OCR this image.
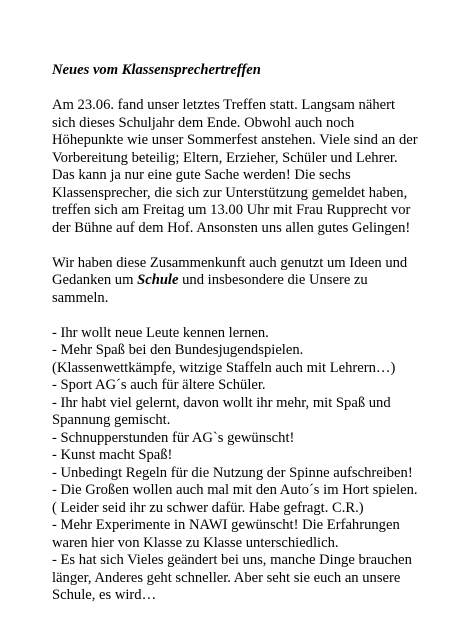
Neues vom Klassensprechertreffen
Am 23.06. fand unser letztes Treffen statt. Langsam nähert
sich dieses Schuljahr dem Ende. Obwohl auch noch
Höhepunkte wie unser Sommerfest anstehen. Viele sind an der
Vorbereitung beteilig; Eltern, Erzieher, Schüler und Lehrer.
Das kann ja nur eine gute Sache werden! Die sechs
Klassensprecher, die sich zur Unterstützung gemeldet haben,
treffen sich am Freitag um 13.00 Uhr mit Frau Rupprecht vor
der Bühne auf dem Hof. Ansonsten uns allen gutes Gelingen!
Wir haben diese Zusammenkunft auch genutzt um Ideen und
Gedanken um Schule und insbesondere die Unsere zu
sammeln.
- Ihr wollt neue Leute kennen lernen.
- Mehr Spaß bei den Bundesjugendspielen.
(Klassenwettkämpfe, witzige Staffeln auch mit Lehrern…)
- Sport AG´s auch für ältere Schüler.
- Ihr habt viel gelernt, davon wollt ihr mehr, mit Spaß und
Spannung gemischt.
- Schnupperstunden für AG`s gewünscht!
- Kunst macht Spaß!
- Unbedingt Regeln für die Nutzung der Spinne aufschreiben!
- Die Großen wollen auch mal mit den Auto´s im Hort spielen.
( Leider seid ihr zu schwer dafür. Habe gefragt. C.R.)
- Mehr Experimente in NAWI gewünscht! Die Erfahrungen
waren hier von Klasse zu Klasse unterschiedlich.
- Es hat sich Vieles geändert bei uns, manche Dinge brauchen
länger, Anderes geht schneller. Aber seht sie euch an unsere
Schule, es wird…
